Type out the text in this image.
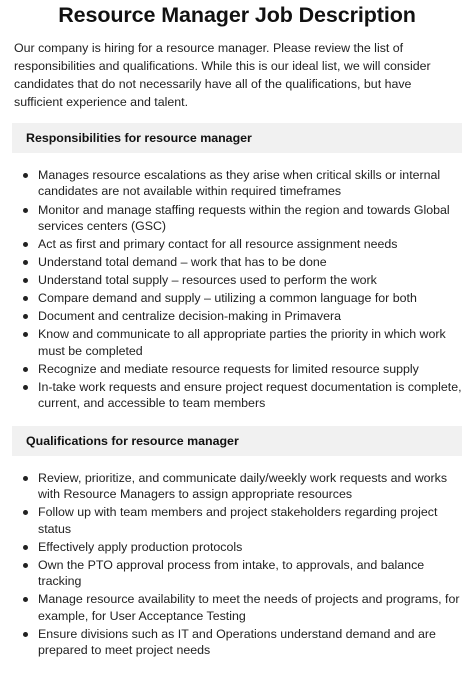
Resource Manager Job Description

Our company is hiring for a resource manager. Please review the list of responsibilities and qualifications. While this is our ideal list, we will consider candidates that do not necessarily have all of the qualifications, but have sufficient experience and talent.

Responsibilities for resource manager
Manages resource escalations as they arise when critical skills or internal candidates are not available within required timeframes
Monitor and manage staffing requests within the region and towards Global services centers (GSC)
Act as first and primary contact for all resource assignment needs
Understand total demand – work that has to be done
Understand total supply – resources used to perform the work
Compare demand and supply – utilizing a common language for both
Document and centralize decision-making in Primavera
Know and communicate to all appropriate parties the priority in which work must be completed
Recognize and mediate resource requests for limited resource supply
In-take work requests and ensure project request documentation is complete, current, and accessible to team members
Qualifications for resource manager
Review, prioritize, and communicate daily/weekly work requests and works with Resource Managers to assign appropriate resources
Follow up with team members and project stakeholders regarding project status
Effectively apply production protocols
Own the PTO approval process from intake, to approvals, and balance tracking
Manage resource availability to meet the needs of projects and programs, for example, for User Acceptance Testing
Ensure divisions such as IT and Operations understand demand and are prepared to meet project needs
